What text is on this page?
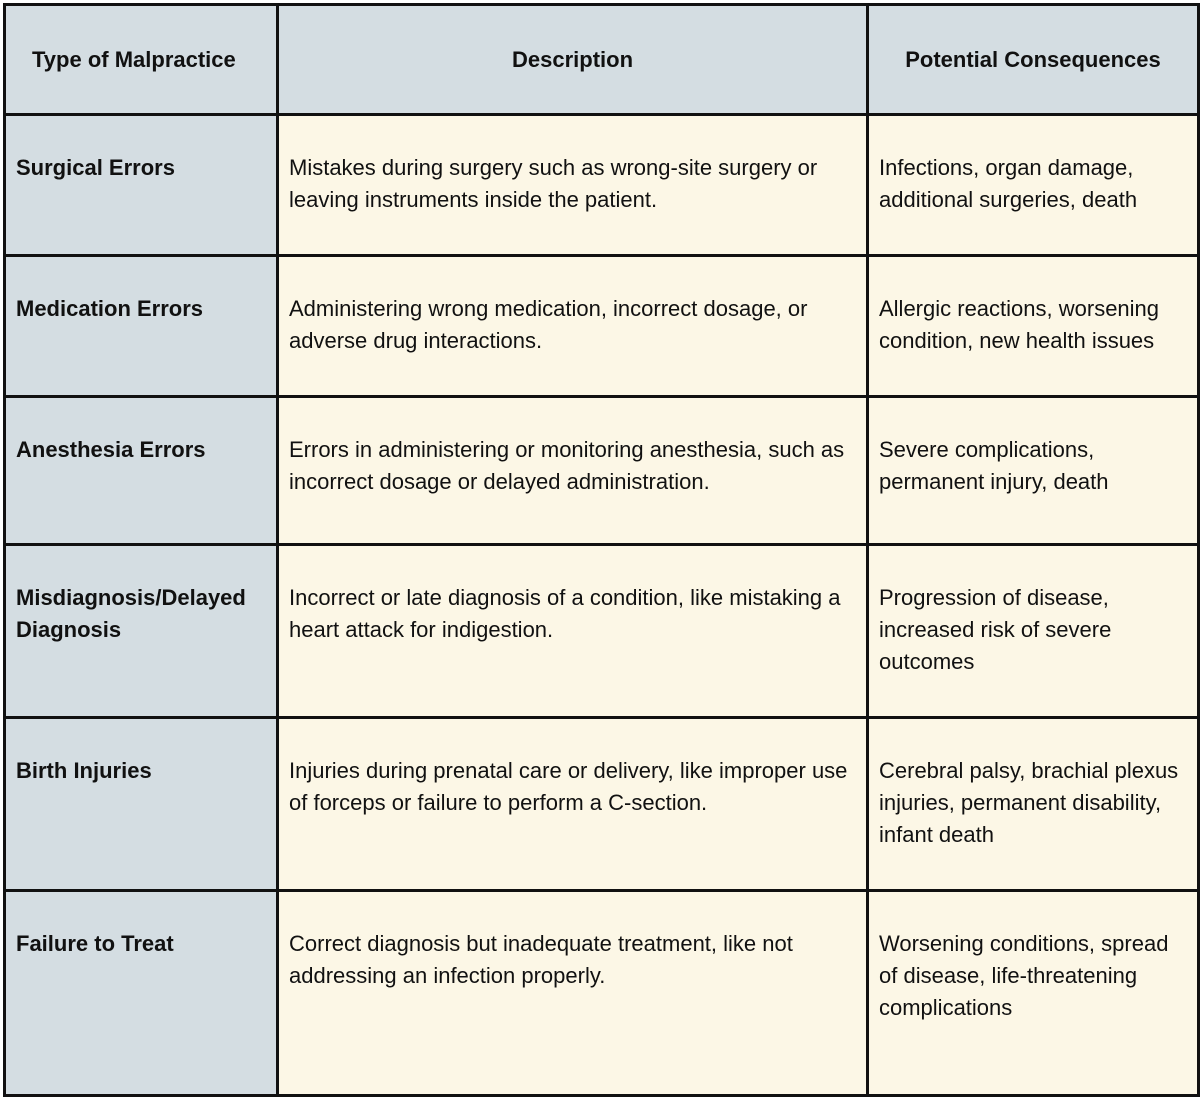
Type of Malpractice	Description	Potential Consequences
Surgical Errors	Mistakes during surgery such as wrong-site surgery or leaving instruments inside the patient.	Infections, organ damage, additional surgeries, death
Medication Errors	Administering wrong medication, incorrect dosage, or adverse drug interactions.	Allergic reactions, worsening condition, new health issues
Anesthesia Errors	Errors in administering or monitoring anesthesia, such as incorrect dosage or delayed administration.	Severe complications, permanent injury, death
Misdiagnosis/Delayed Diagnosis	Incorrect or late diagnosis of a condition, like mistaking a heart attack for indigestion.	Progression of disease, increased risk of severe outcomes
Birth Injuries	Injuries during prenatal care or delivery, like improper use of forceps or failure to perform a C-section.	Cerebral palsy, brachial plexus injuries, permanent disability, infant death
Failure to Treat	Correct diagnosis but inadequate treatment, like not addressing an infection properly.	Worsening conditions, spread of disease, life-threatening complications
